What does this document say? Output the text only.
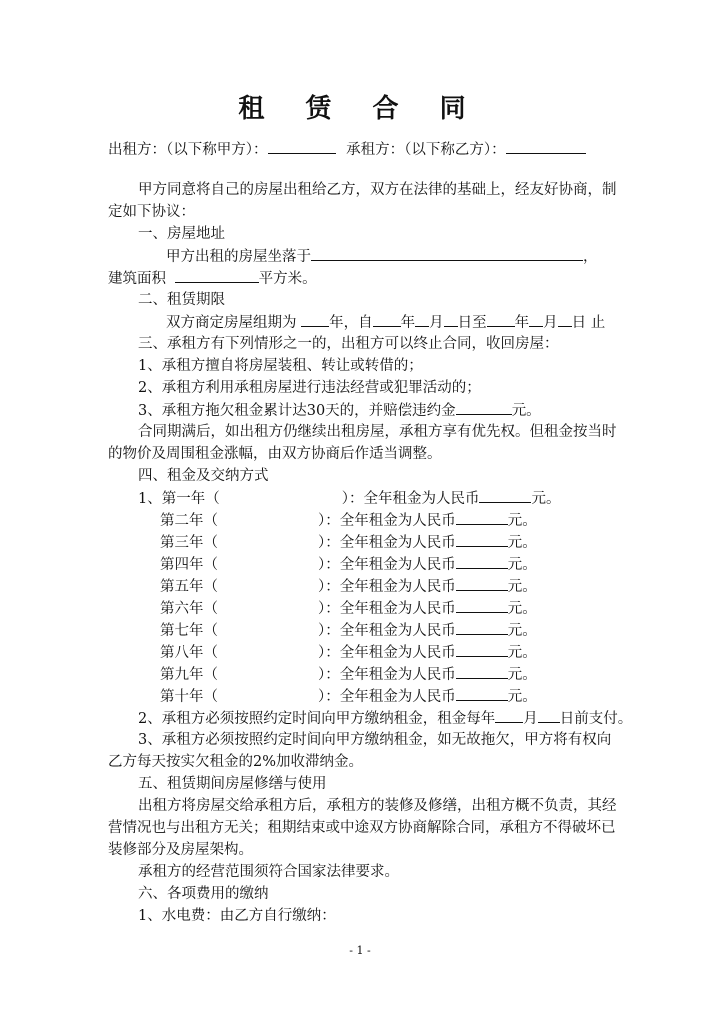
租 赁 合 同
出租方：（以下称甲方）：	承租方：（以下称乙方）：
甲方同意将自己的房屋出租给乙方，双方在法律的基础上，经友好协商，制
定如下协议：
一、房屋地址
甲方出租的房屋坐落于	，
建筑面积	平方米。
二、租赁期限
双方商定房屋组期为 年，自 年 月 日至 年 月 日 止
三、承租方有下列情形之一的，出租方可以终止合同，收回房屋：
1、承租方擅自将房屋装租、转让或转借的；
2、承租方利用承租房屋进行违法经营或犯罪活动的；
3、承租方拖欠租金累计达30天的，并赔偿违约金	元。
合同期满后，如出租方仍继续出租房屋，承租方享有优先权。但租金按当时
的物价及周围租金涨幅，由双方协商后作适当调整。
四、租金及交纳方式
1、第一年（	）：全年租金为人民币	元。
第二年（	）：全年租金为人民币	元。
第三年（	）：全年租金为人民币	元。
第四年（	）：全年租金为人民币	元。
第五年（	）：全年租金为人民币	元。
第六年（	）：全年租金为人民币	元。
第七年（	）：全年租金为人民币	元。
第八年（	）：全年租金为人民币	元。
第九年（	）：全年租金为人民币	元。
第十年（	）：全年租金为人民币	元。
2、承租方必须按照约定时间向甲方缴纳租金，租金每年 月 日前支付。
3、承租方必须按照约定时间向甲方缴纳租金，如无故拖欠，甲方将有权向
乙方每天按实欠租金的2%加收滞纳金。
五、租赁期间房屋修缮与使用
出租方将房屋交给承租方后，承租方的装修及修缮，出租方概不负责，其经
营情况也与出租方无关；租期结束或中途双方协商解除合同，承租方不得破坏已
装修部分及房屋架构。
承租方的经营范围须符合国家法律要求。
六、各项费用的缴纳
1、水电费：由乙方自行缴纳：
- 1 -
